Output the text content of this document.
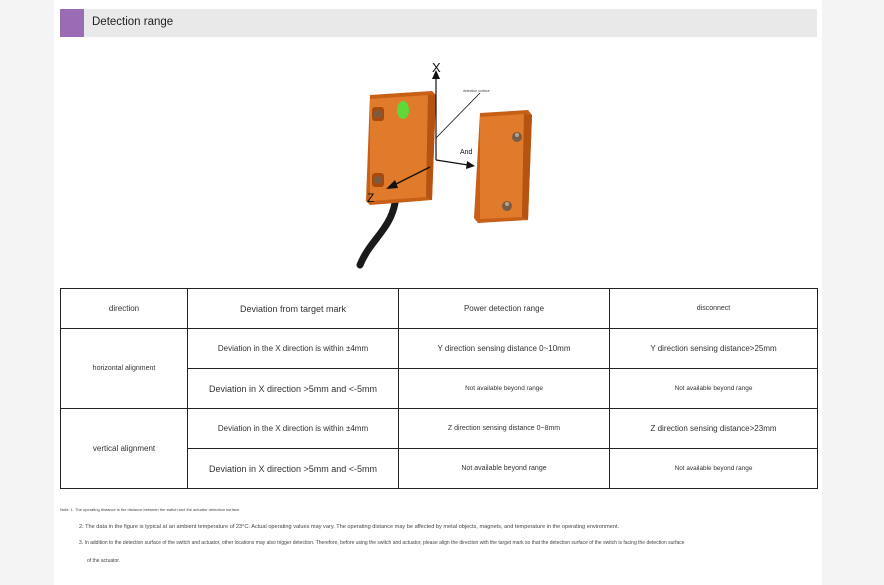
Detection range
X
Z
And
detection surface
direction	Deviation from target mark	Power detection range	disconnect
horizontal alignment	Deviation in the X direction is within ±4mm	Y direction sensing distance 0~10mm	Y direction sensing distance>25mm
	Deviation in X direction >5mm and <-5mm	Not available beyond range	Not available beyond range
vertical alignment	Deviation in the X direction is within ±4mm	Z direction sensing distance 0~8mm	Z direction sensing distance>23mm
	Deviation in X direction >5mm and <-5mm	Not available beyond range	Not available beyond range
Note: 1. The operating distance is the distance between the switch and the actuator detection surface.
2. The data in the figure is typical at an ambient temperature of 23°C. Actual operating values may vary. The operating distance may be affected by metal objects, magnets, and temperature in the operating environment.
3. In addition to the detection surface of the switch and actuator, other locations may also trigger detection. Therefore, before using the switch and actuator, please align the direction with the target mark so that the detection surface of the switch is facing the detection surface
of the actuator.
